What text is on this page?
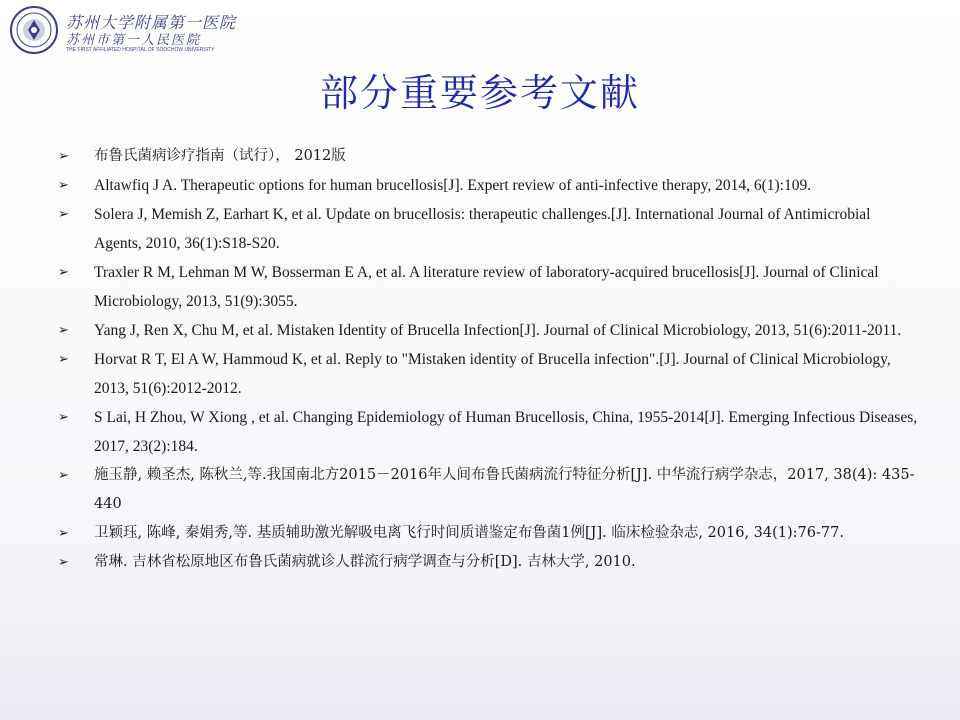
苏州大学附属第一医院
苏州市第一人民医院
THE FIRST AFFILIATED HOSPITAL OF SOOCHOW UNIVERSITY
部分重要参考文献
➢ 布鲁氏菌病诊疗指南（试行）， 2012版
➢ Altawfiq J A. Therapeutic options for human brucellosis[J]. Expert review of anti-infective therapy, 2014, 6(1):109.
➢ Solera J, Memish Z, Earhart K, et al. Update on brucellosis: therapeutic challenges.[J]. International Journal of Antimicrobial Agents, 2010, 36(1):S18-S20.
➢ Traxler R M, Lehman M W, Bosserman E A, et al. A literature review of laboratory-acquired brucellosis[J]. Journal of Clinical Microbiology, 2013, 51(9):3055.
➢ Yang J, Ren X, Chu M, et al. Mistaken Identity of Brucella Infection[J]. Journal of Clinical Microbiology, 2013, 51(6):2011-2011.
➢ Horvat R T, El A W, Hammoud K, et al. Reply to "Mistaken identity of Brucella infection".[J]. Journal of Clinical Microbiology, 2013, 51(6):2012-2012.
➢ S Lai, H Zhou, W Xiong , et al. Changing Epidemiology of Human Brucellosis, China, 1955-2014[J]. Emerging Infectious Diseases, 2017, 23(2):184.
➢ 施玉静, 赖圣杰, 陈秋兰,等.我国南北方2015－2016年人间布鲁氏菌病流行特征分析[J]. 中华流行病学杂志，2017, 38(4): 435-440
➢ 卫颖珏, 陈峰, 秦娟秀,等. 基质辅助激光解吸电离飞行时间质谱鉴定布鲁菌1例[J]. 临床检验杂志, 2016, 34(1):76-77.
➢ 常琳. 吉林省松原地区布鲁氏菌病就诊人群流行病学调查与分析[D]. 吉林大学, 2010.
